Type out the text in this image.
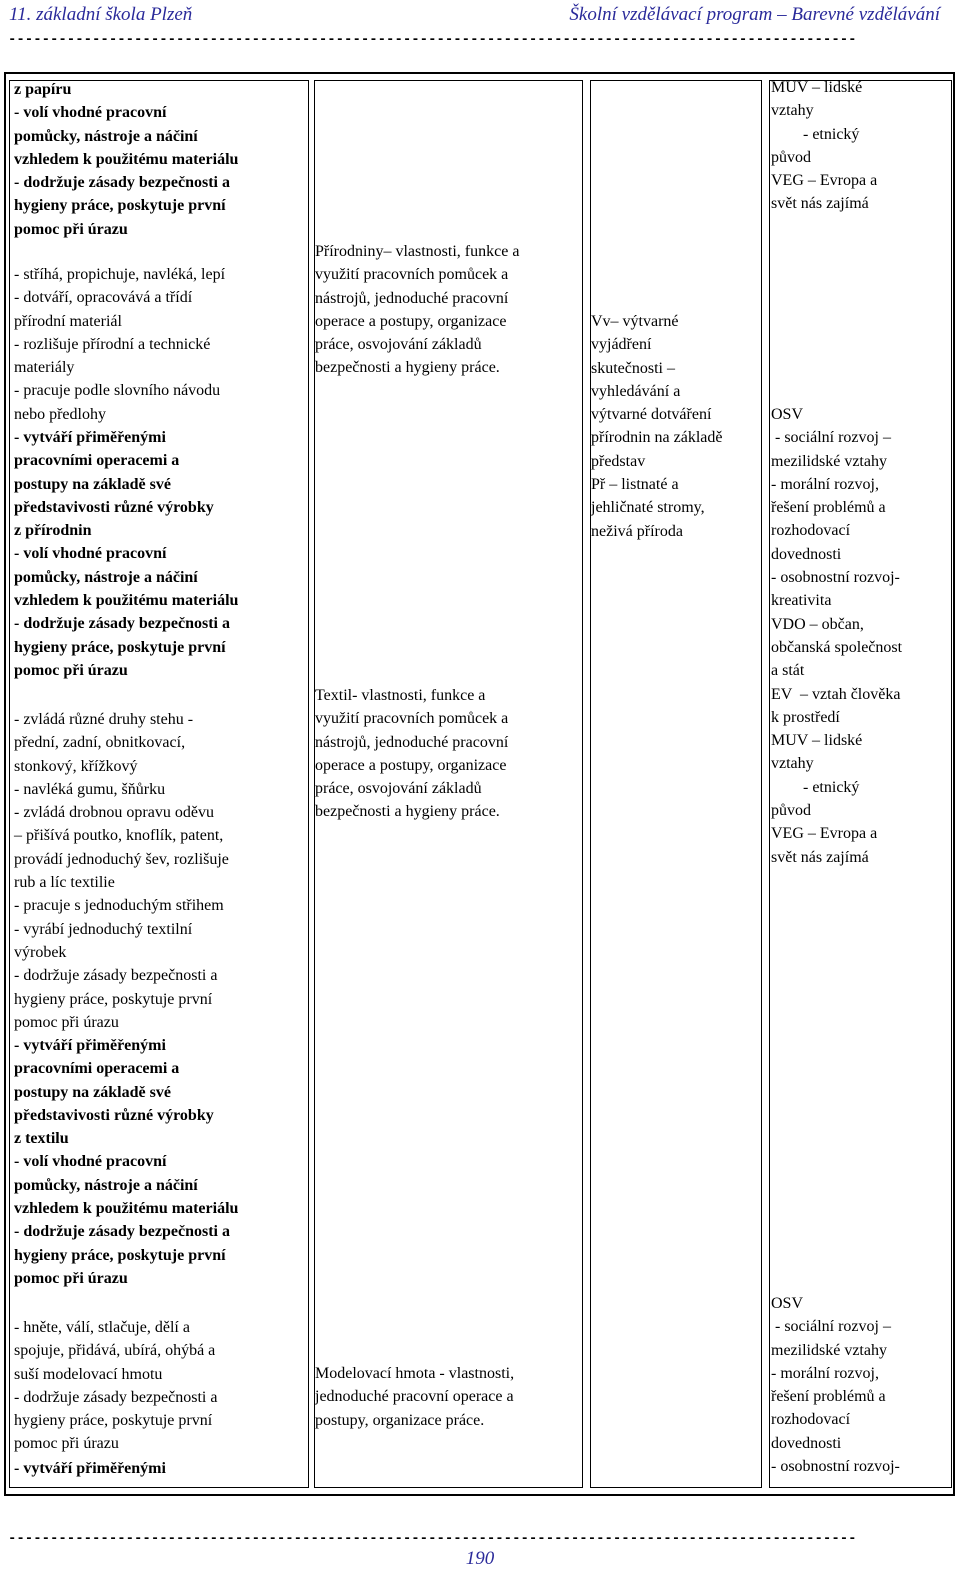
11. základní škola Plzeň	Školní vzdělávací program – Barevné vzdělávání
-----------------------------------------------------------------------------------------------------
z papíru
- volí vhodné pracovní
pomůcky, nástroje a náčiní
vzhledem k použitému materiálu
- dodržuje zásady bezpečnosti a
hygieny práce, poskytuje první
pomoc při úrazu
- stříhá, propichuje, navléká, lepí
- dotváří, opracovává a třídí
přírodní materiál
- rozlišuje přírodní a technické
materiály
- pracuje podle slovního návodu
nebo předlohy
- vytváří přiměřenými
pracovními operacemi a
postupy na základě své
představivosti různé výrobky
z přírodnin
- volí vhodné pracovní
pomůcky, nástroje a náčiní
vzhledem k použitému materiálu
- dodržuje zásady bezpečnosti a
hygieny práce, poskytuje první
pomoc při úrazu
- zvládá různé druhy stehu -
přední, zadní, obnitkovací,
stonkový, křížkový
- navléká gumu, šňůrku
- zvládá drobnou opravu oděvu
– přišívá poutko, knoflík, patent,
provádí jednoduchý šev, rozlišuje
rub a líc textilie
- pracuje s jednoduchým střihem
- vyrábí jednoduchý textilní
výrobek
- dodržuje zásady bezpečnosti a
hygieny práce, poskytuje první
pomoc při úrazu
- vytváří přiměřenými
pracovními operacemi a
postupy na základě své
představivosti různé výrobky
z textilu
- volí vhodné pracovní
pomůcky, nástroje a náčiní
vzhledem k použitému materiálu
- dodržuje zásady bezpečnosti a
hygieny práce, poskytuje první
pomoc při úrazu
- hněte, válí, stlačuje, dělí a
spojuje, přidává, ubírá, ohýbá a
suší modelovací hmotu
- dodržuje zásady bezpečnosti a
hygieny práce, poskytuje první
pomoc při úrazu
- vytváří přiměřenými
Přírodniny– vlastnosti, funkce a
využití pracovních pomůcek a
nástrojů, jednoduché pracovní
operace a postupy, organizace
práce, osvojování základů
bezpečnosti a hygieny práce.
Textil- vlastnosti, funkce a
využití pracovních pomůcek a
nástrojů, jednoduché pracovní
operace a postupy, organizace
práce, osvojování základů
bezpečnosti a hygieny práce.
Modelovací hmota - vlastnosti,
jednoduché pracovní operace a
postupy, organizace práce.
Vv– výtvarné
vyjádření
skutečnosti –
vyhledávání a
výtvarné dotváření
přírodnin na základě
představ
Př – listnaté a
jehličnaté stromy,
neživá příroda
MUV – lidské
vztahy
- etnický
původ
VEG – Evropa a
svět nás zajímá
OSV
- sociální rozvoj –
mezilidské vztahy
- morální rozvoj,
řešení problémů a
rozhodovací
dovednosti
- osobnostní rozvoj-
kreativita
VDO – občan,
občanská společnost
a stát
EV  – vztah člověka
k prostředí
MUV – lidské
vztahy
- etnický
původ
VEG – Evropa a
svět nás zajímá
OSV
- sociální rozvoj –
mezilidské vztahy
- morální rozvoj,
řešení problémů a
rozhodovací
dovednosti
- osobnostní rozvoj-
-----------------------------------------------------------------------------------------------------
190
